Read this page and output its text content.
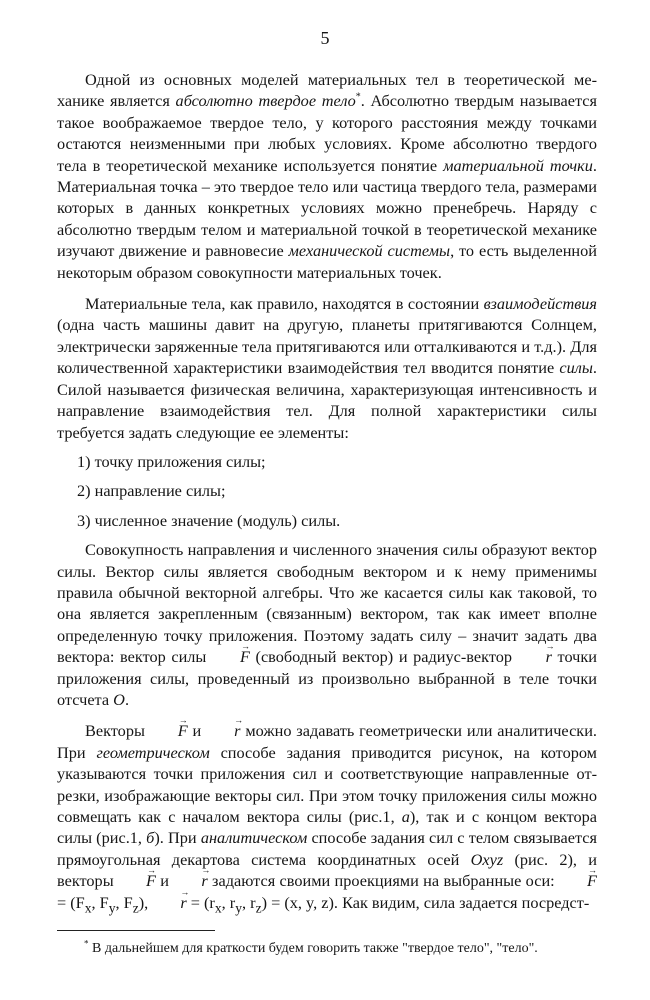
5

Одной из основных моделей материальных тел в теоретической механике является абсолютно твердое тело*. Абсолютно твердым называется такое воображаемое твердое тело, у которого расстояния между точками остаются неизменными при любых условиях. Кроме абсолютно твердого тела в теоретической механике используется понятие материальной точки. Материальная точка – это твердое тело или частица твердого тела, размерами которых в данных конкретных условиях можно пренебречь. Наряду с абсолютно твердым телом и материальной точкой в теоретической механике изучают движение и равновесие механической системы, то есть выделенной некоторым образом совокупности материальных точек.

Материальные тела, как правило, находятся в состоянии взаимодействия (одна часть машины давит на другую, планеты притягиваются Солнцем, электрически заряженные тела притягиваются или отталкиваются и т.д.). Для количественной характеристики взаимодействия тел вводится понятие силы. Силой называется физическая величина, характеризующая интенсивность и направление взаимодействия тел. Для полной характеристики силы требуется задать следующие ее элементы:

1) точку приложения силы;

2) направление силы;

3) численное значение (модуль) силы.

Совокупность направления и численного значения силы образуют вектор силы. Вектор силы является свободным вектором и к нему применимы правила обычной векторной алгебры. Что же касается силы как таковой, то она является закрепленным (связанным) вектором, так как имеет вполне определенную точку приложения. Поэтому задать силу – значит задать два вектора: вектор силы → F (свободный вектор) и радиус-вектор → r точки приложения силы, проведенный из произвольно выбранной в теле точки отсчета O.

Векторы → F и → r можно задавать геометрически или аналитически. При геометрическом способе задания приводится рисунок, на котором указываются точки приложения сил и соответствующие направленные отрезки, изображающие векторы сил. При этом точку приложения силы можно совмещать как с началом вектора силы (рис.1, а), так и с концом вектора силы (рис.1, б). При аналитическом способе задания сил с телом связывается прямоугольная декартова система координатных осей Oxyz (рис. 2), и векторы → F и → r задаются своими проекциями на выбранные оси: → $F= (F_x$, $F_y$, $F_z$), → $r = (r_x$, $r_y$, $r_z) = (x$, y, z). Как видим, сила задается посредст-

* В дальнейшем для краткости будем говорить также "твердое тело", "тело".
